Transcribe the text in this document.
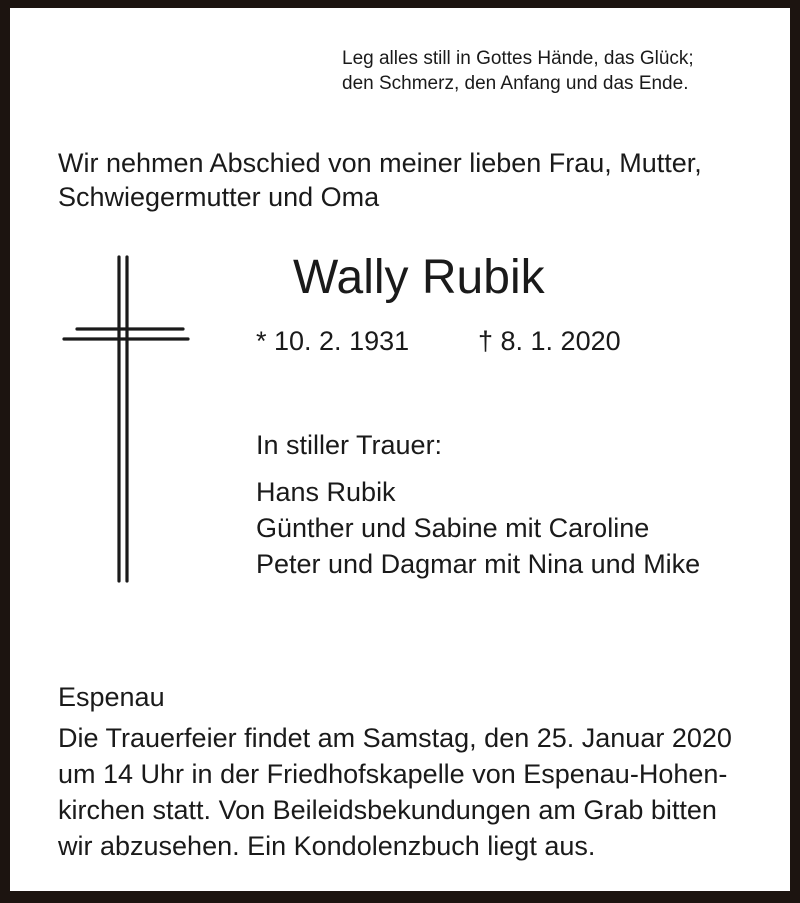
Leg alles still in Gottes Hände, das Glück;
den Schmerz, den Anfang und das Ende.
Wir nehmen Abschied von meiner lieben Frau, Mutter,
Schwiegermutter und Oma
Wally Rubik
* 10. 2. 1931	† 8. 1. 2020
In stiller Trauer:
Hans Rubik
Günther und Sabine mit Caroline
Peter und Dagmar mit Nina und Mike
Espenau
Die Trauerfeier findet am Samstag, den 25. Januar 2020
um 14 Uhr in der Friedhofskapelle von Espenau-Hohen-
kirchen statt. Von Beileidsbekundungen am Grab bitten
wir abzusehen. Ein Kondolenzbuch liegt aus.
